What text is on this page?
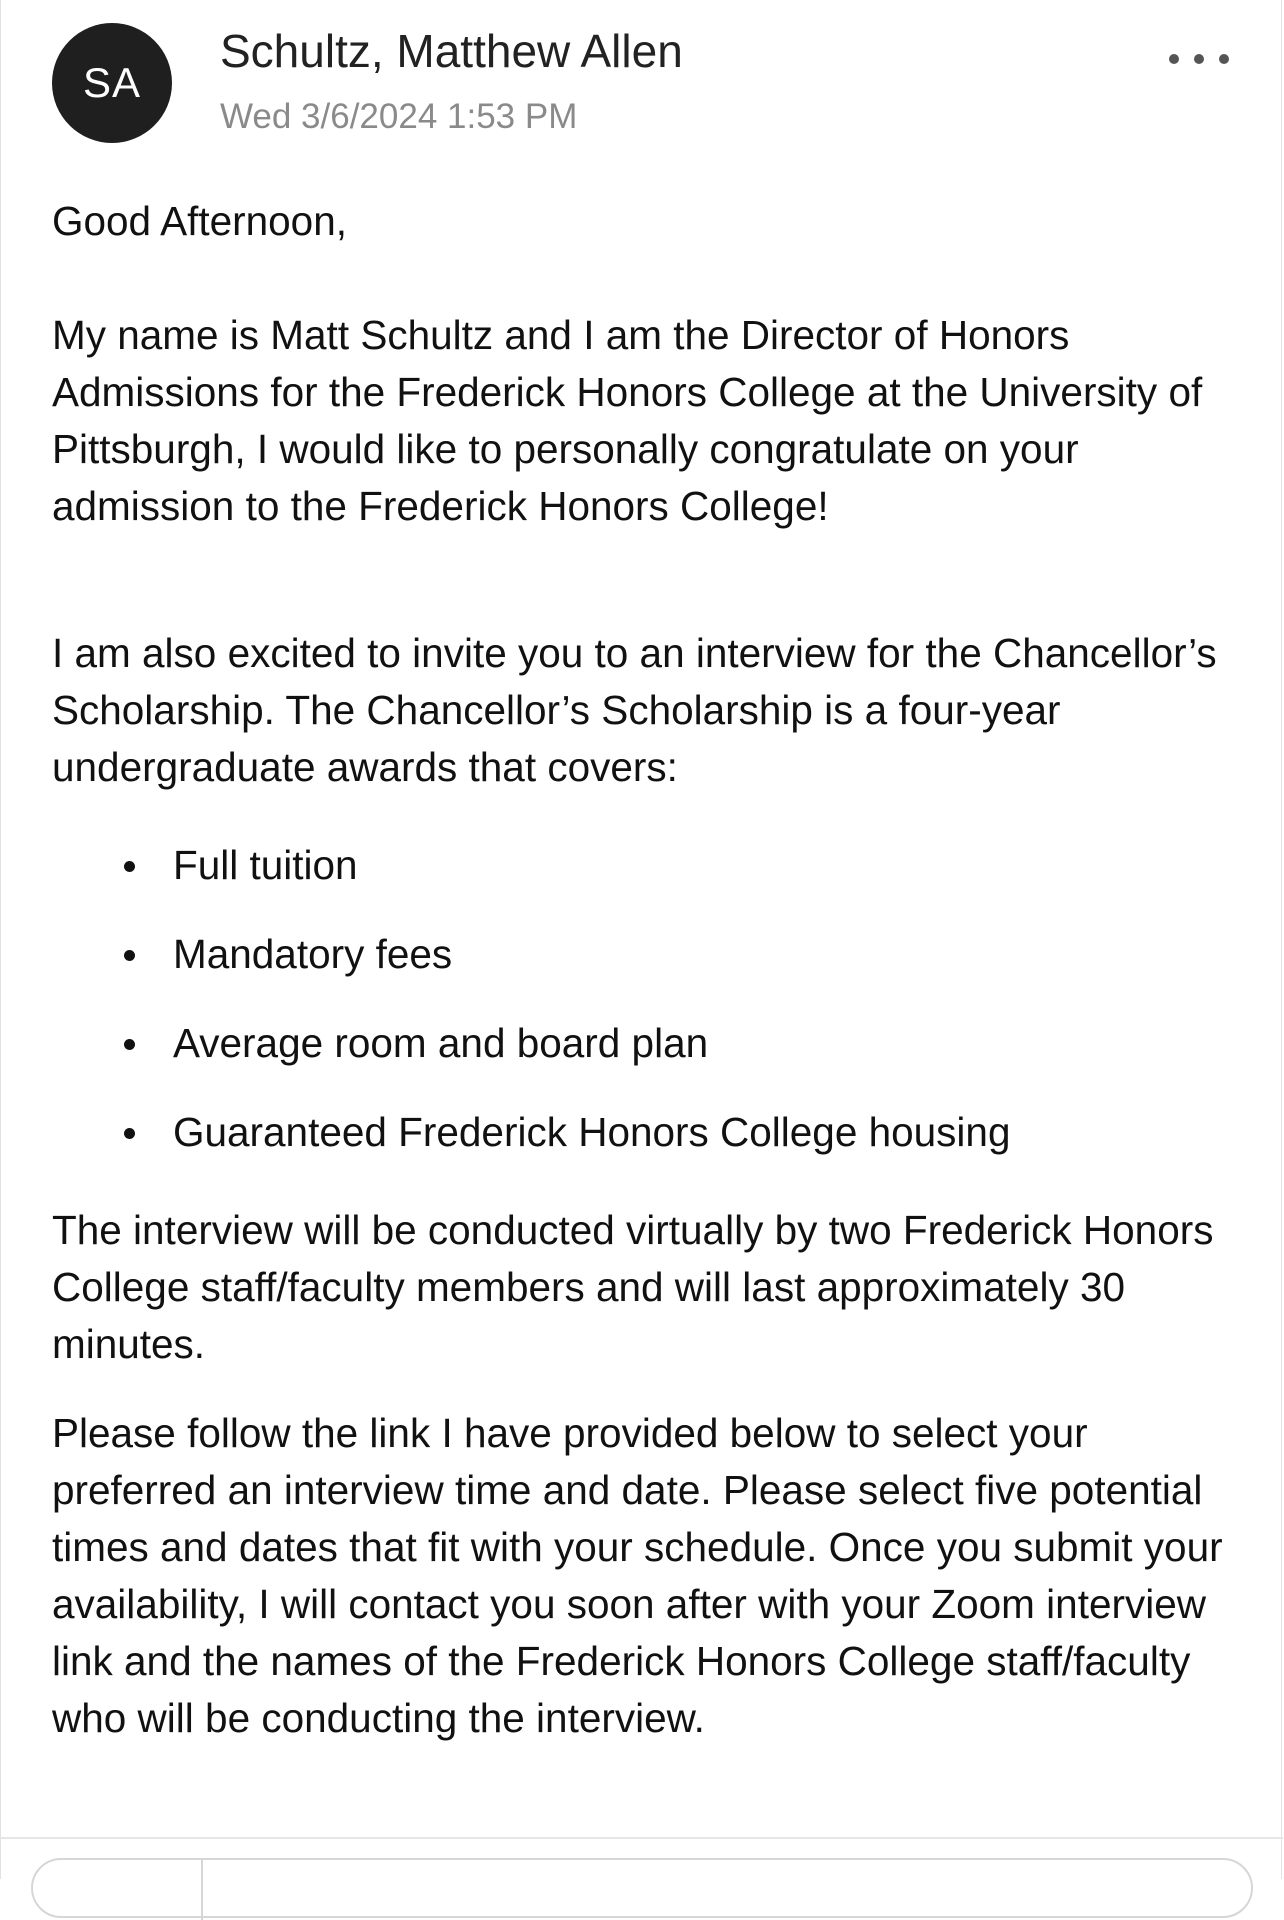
SA
Schultz, Matthew Allen
Wed 3/6/2024 1:53 PM

Good Afternoon,

My name is Matt Schultz and I am the Director of Honors Admissions for the Frederick Honors College at the University of Pittsburgh, I would like to personally congratulate on your admission to the Frederick Honors College!

I am also excited to invite you to an interview for the Chancellor’s Scholarship. The Chancellor’s Scholarship is a four-year undergraduate awards that covers:

Full tuition
Mandatory fees
Average room and board plan
Guaranteed Frederick Honors College housing

The interview will be conducted virtually by two Frederick Honors College staff/faculty members and will last approximately 30 minutes.

Please follow the link I have provided below to select your preferred an interview time and date. Please select five potential times and dates that fit with your schedule. Once you submit your availability, I will contact you soon after with your Zoom interview link and the names of the Frederick Honors College staff/faculty who will be conducting the interview.
